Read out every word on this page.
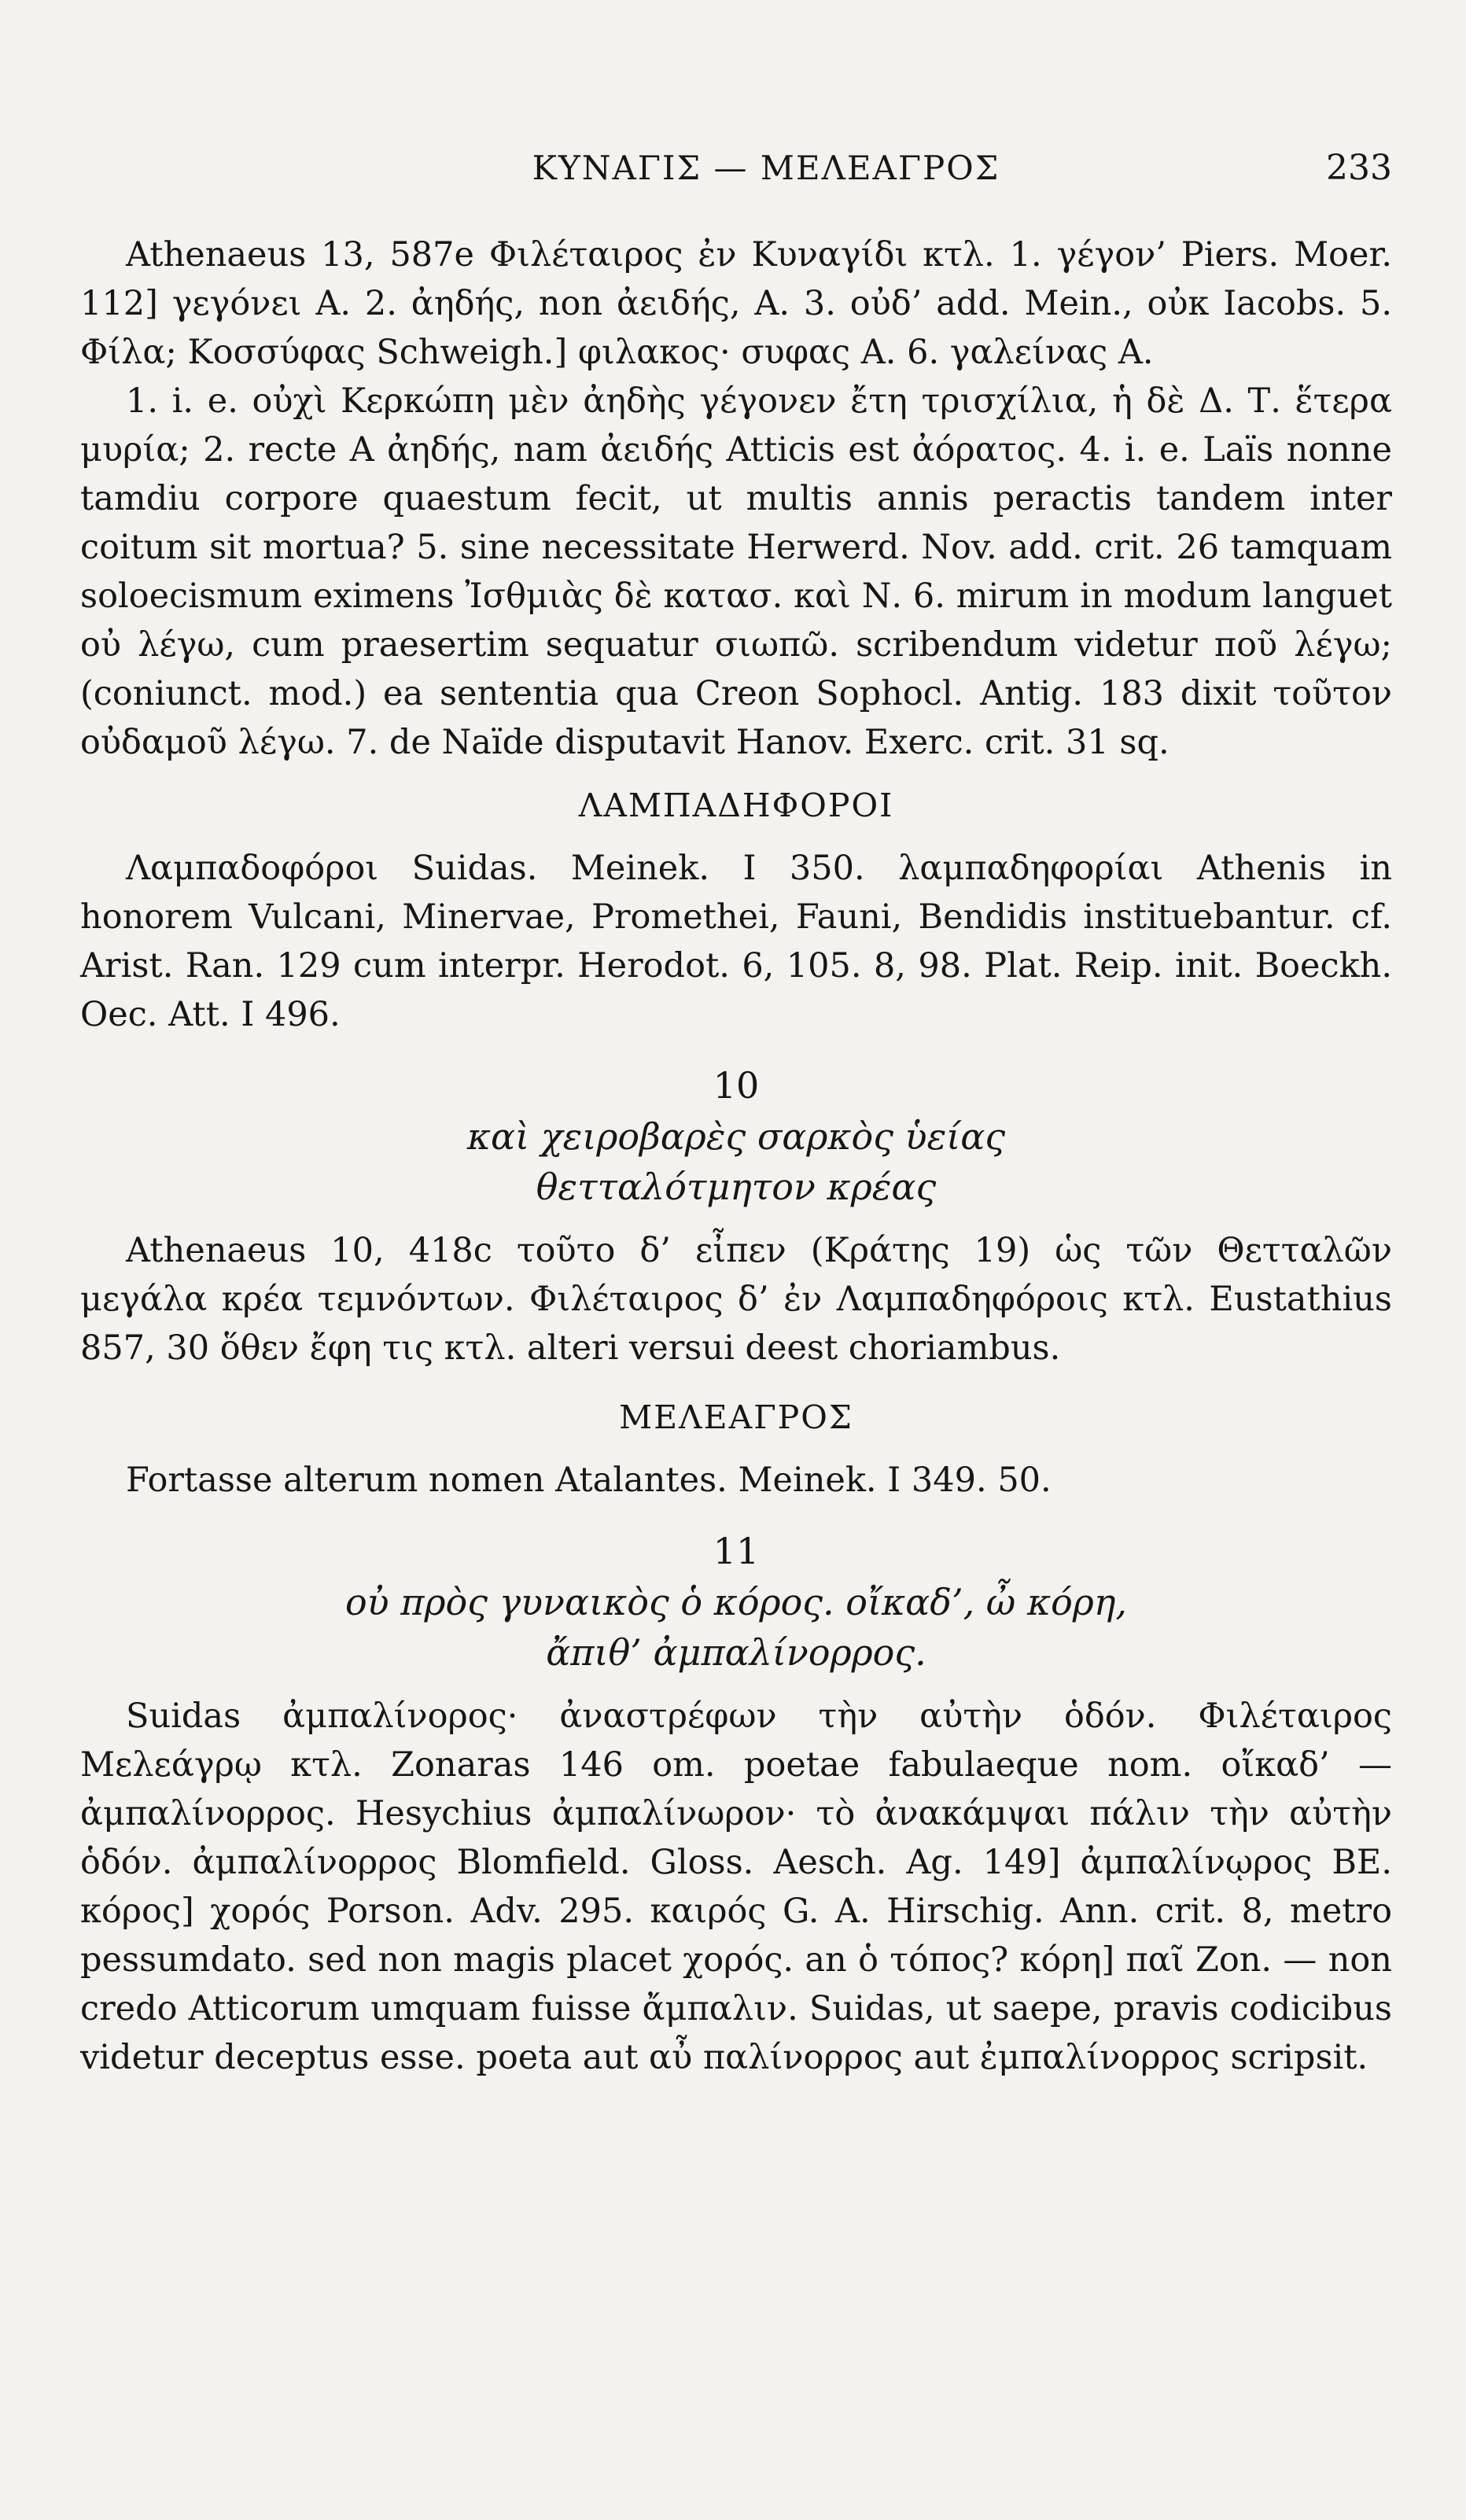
ΚΥΝΑΓΙΣ — ΜΕΛΕΑΓΡΟΣ	233

Athenaeus 13, 587e Φιλέταιρος ἐν Κυναγίδι κτλ. 1. γέγον’ Piers. Moer. 112] γεγόνει A. 2. ἀηδής, non ἀειδής, A. 3. οὐδ’ add. Mein., οὐκ Iacobs. 5. Φίλα; Κοσσύφας Schweigh.] φιλακος· συφας A. 6. γαλείνας A.

1. i. e. οὐχὶ Κερκώπη μὲν ἀηδὴς γέγονεν ἔτη τρισχίλια, ἡ δὲ Δ. Τ. ἕτερα μυρία; 2. recte A ἀηδής, nam ἀειδής Atticis est ἀόρατος. 4. i. e. Laïs nonne tamdiu corpore quaestum fecit, ut multis annis peractis tandem inter coitum sit mortua? 5. sine necessitate Herwerd. Nov. add. crit. 26 tamquam soloecismum eximens Ἰσθμιὰς δὲ κατασ. καὶ Ν. 6. mirum in modum languet οὐ λέγω, cum praesertim sequatur σιωπῶ. scribendum videtur ποῦ λέγω; (coniunct. mod.) ea sententia qua Creon Sophocl. Antig. 183 dixit τοῦτον οὐδαμοῦ λέγω. 7. de Naïde disputavit Hanov. Exerc. crit. 31 sq.

ΛΑΜΠΑΔΗΦΟΡΟΙ

Λαμπαδοφόροι Suidas. Meinek. I 350. λαμπαδηφορίαι Athenis in honorem Vulcani, Minervae, Promethei, Fauni, Bendidis instituebantur. cf. Arist. Ran. 129 cum interpr. Herodot. 6, 105. 8, 98. Plat. Reip. init. Boeckh. Oec. Att. I 496.

10

καὶ χειροβαρὲς σαρκὸς ὑείας

θετταλότμητον κρέας

Athenaeus 10, 418c τοῦτο δ’ εἶπεν (Κράτης 19) ὡς τῶν Θετταλῶν μεγάλα κρέα τεμνόντων. Φιλέταιρος δ’ ἐν Λαμπαδηφόροις κτλ. Eustathius 857, 30 ὅθεν ἔφη τις κτλ. alteri versui deest choriambus.

ΜΕΛΕΑΓΡΟΣ

Fortasse alterum nomen Atalantes. Meinek. I 349. 50.

11

οὐ πρὸς γυναικὸς ὁ κόρος. οἴκαδ’, ὦ κόρη,

ἄπιθ’ ἀμπαλίνορρος.

Suidas ἀμπαλίνορος· ἀναστρέφων τὴν αὐτὴν ὁδόν. Φιλέταιρος Μελεάγρῳ κτλ. Zonaras 146 om. poetae fabulaeque nom. οἴκαδ’ — ἀμπαλίνορρος. Hesychius ἀμπαλίνωρον· τὸ ἀνακάμψαι πάλιν τὴν αὐτὴν ὁδόν. ἀμπαλίνορρος Blomfield. Gloss. Aesch. Ag. 149] ἀμπαλίνῳρος BE. κόρος] χορός Porson. Adv. 295. καιρός G. A. Hirschig. Ann. crit. 8, metro pessumdato. sed non magis placet χορός. an ὁ τόπος? κόρη] παῖ Zon. — non credo Atticorum umquam fuisse ἄμπαλιν. Suidas, ut saepe, pravis codicibus videtur deceptus esse. poeta aut αὖ παλίνορρος aut ἐμπαλίνορρος scripsit.
